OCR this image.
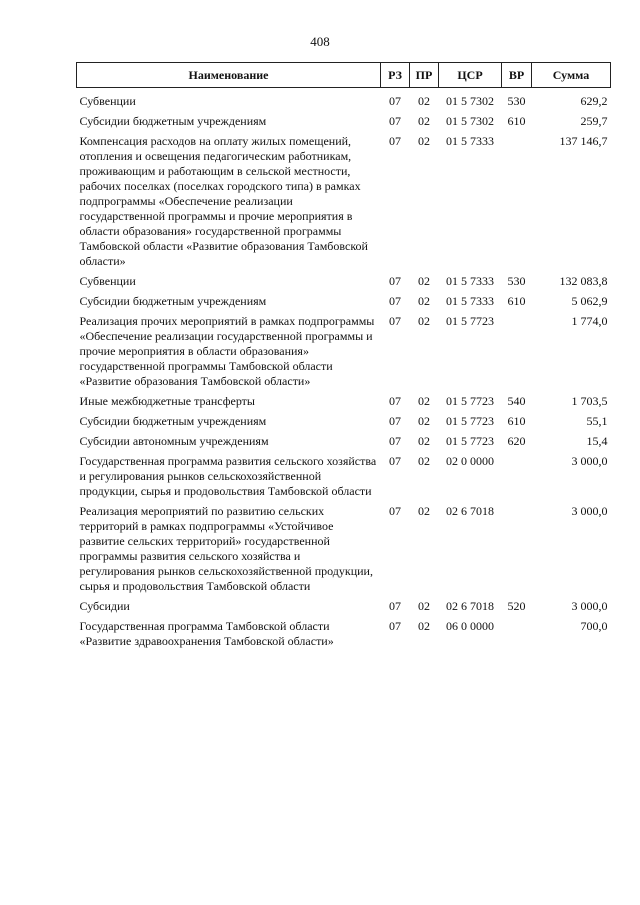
408
Наименование	РЗ	ПР	ЦСР	ВР	Сумма
Субвенции	07	02	01 5 7302	530	629,2
Субсидии бюджетным учреждениям	07	02	01 5 7302	610	259,7
Компенсация расходов на оплату жилых помещений, отопления и освещения педагогическим работникам, проживающим и работающим в сельской местности, рабочих поселках (поселках городского типа) в рамках подпрограммы «Обеспечение реализации государственной программы и прочие мероприятия в области образования» государственной программы Тамбовской области «Развитие образования Тамбовской области»	07	02	01 5 7333		137 146,7
Субвенции	07	02	01 5 7333	530	132 083,8
Субсидии бюджетным учреждениям	07	02	01 5 7333	610	5 062,9
Реализация прочих мероприятий в рамках подпрограммы «Обеспечение реализации государственной программы и прочие мероприятия в области образования» государственной программы Тамбовской области «Развитие образования Тамбовской области»	07	02	01 5 7723		1 774,0
Иные межбюджетные трансферты	07	02	01 5 7723	540	1 703,5
Субсидии бюджетным учреждениям	07	02	01 5 7723	610	55,1
Субсидии автономным учреждениям	07	02	01 5 7723	620	15,4
Государственная программа развития сельского хозяйства и регулирования рынков сельскохозяйственной продукции, сырья и продовольствия Тамбовской области	07	02	02 0 0000		3 000,0
Реализация мероприятий по развитию сельских территорий в рамках подпрограммы «Устойчивое развитие сельских территорий» государственной программы развития сельского хозяйства и регулирования рынков сельскохозяйственной продукции, сырья и продовольствия Тамбовской области	07	02	02 6 7018		3 000,0
Субсидии	07	02	02 6 7018	520	3 000,0
Государственная программа Тамбовской области «Развитие здравоохранения Тамбовской области»	07	02	06 0 0000		700,0
